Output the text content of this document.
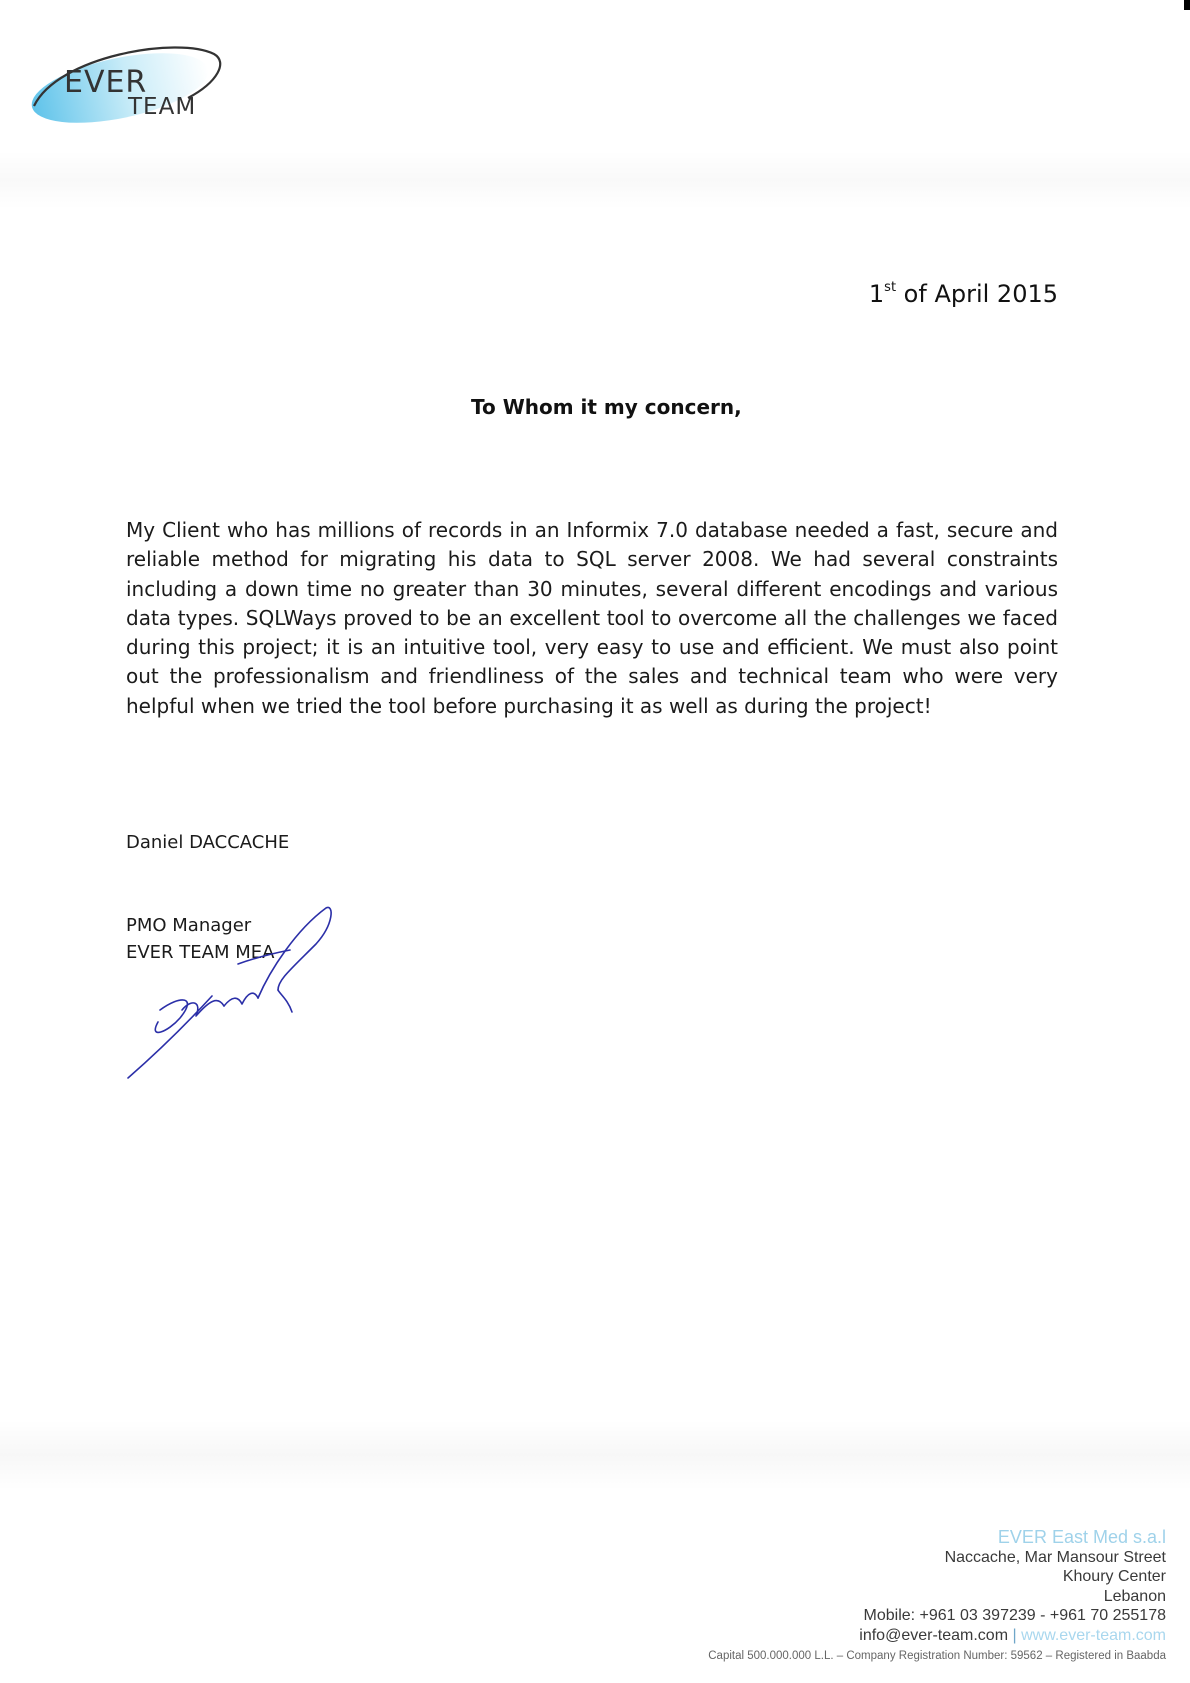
EVER
TEAM
1st of April 2015
To Whom it my concern,
My Client who has millions of records in an Informix 7.0 database needed a fast, secure and reliable method for migrating his data to SQL server 2008. We had several constraints including a down time no greater than 30 minutes, several different encodings and various data types. SQLWays proved to be an excellent tool to overcome all the challenges we faced during this project; it is an intuitive tool, very easy to use and efficient. We must also point out the professionalism and friendliness of the sales and technical team who were very helpful when we tried the tool before purchasing it as well as during the project!
Daniel DACCACHE
PMO Manager
EVER TEAM MEA
EVER East Med s.a.l
Naccache, Mar Mansour Street
Khoury Center
Lebanon
Mobile: +961 03 397239 - +961 70 255178
info@ever-team.com | www.ever-team.com
Capital 500.000.000 L.L. – Company Registration Number: 59562 – Registered in Baabda
